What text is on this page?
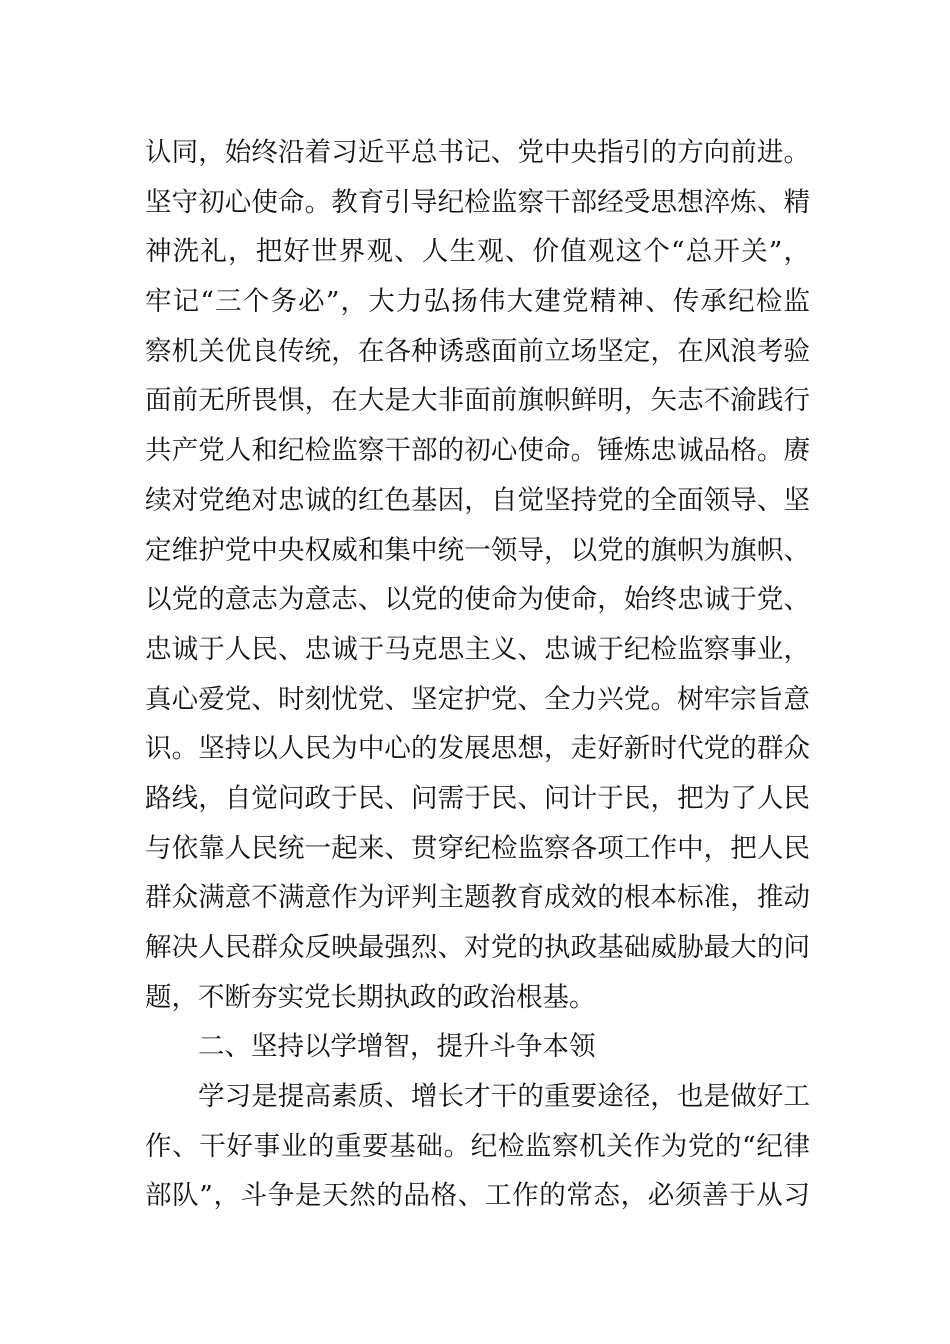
认同，始终沿着习近平总书记、党中央指引的方向前进。
坚守初心使命。教育引导纪检监察干部经受思想淬炼、精
神洗礼，把好世界观、人生观、价值观这个“总开关”，
牢记“三个务必”，大力弘扬伟大建党精神、传承纪检监
察机关优良传统，在各种诱惑面前立场坚定，在风浪考验
面前无所畏惧，在大是大非面前旗帜鲜明，矢志不渝践行
共产党人和纪检监察干部的初心使命。锤炼忠诚品格。赓
续对党绝对忠诚的红色基因，自觉坚持党的全面领导、坚
定维护党中央权威和集中统一领导，以党的旗帜为旗帜、
以党的意志为意志、以党的使命为使命，始终忠诚于党、
忠诚于人民、忠诚于马克思主义、忠诚于纪检监察事业，
真心爱党、时刻忧党、坚定护党、全力兴党。树牢宗旨意
识。坚持以人民为中心的发展思想，走好新时代党的群众
路线，自觉问政于民、问需于民、问计于民，把为了人民
与依靠人民统一起来、贯穿纪检监察各项工作中，把人民
群众满意不满意作为评判主题教育成效的根本标准，推动
解决人民群众反映最强烈、对党的执政基础威胁最大的问
题，不断夯实党长期执政的政治根基。
二、坚持以学增智，提升斗争本领
学习是提高素质、增长才干的重要途径，也是做好工
作、干好事业的重要基础。纪检监察机关作为党的“纪律
部队”，斗争是天然的品格、工作的常态，必须善于从习
